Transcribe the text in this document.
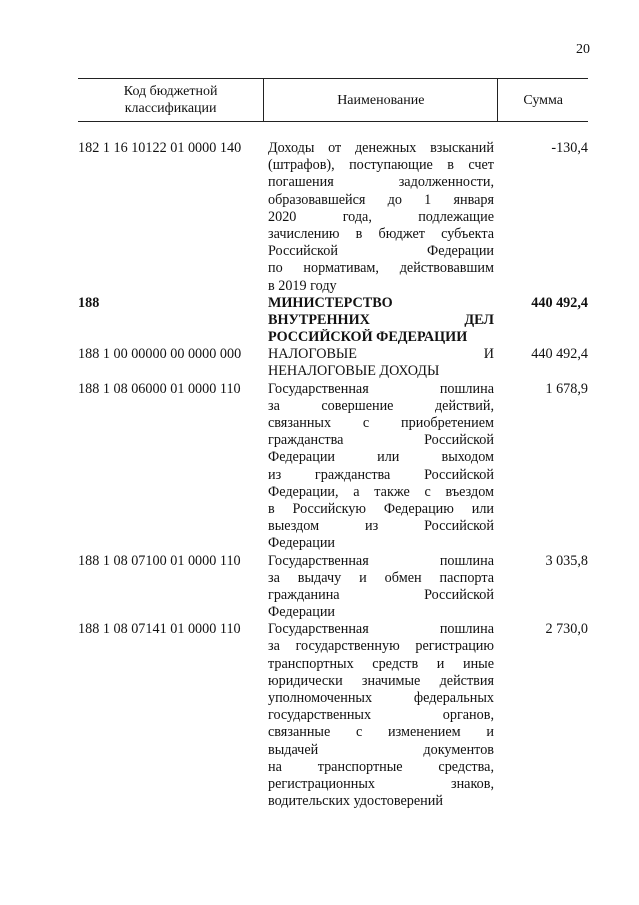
20
Код бюджетной
классификации
Наименование	Сумма
182 1 16 10122 01 0000 140	Доходы от денежных взысканий
(штрафов), поступающие в счет
погашения задолженности,
образовавшейся до 1 января
2020 года, подлежащие
зачислению в бюджет субъекта
Российской Федерации
по нормативам, действовавшим
в 2019 году
-130,4
188	МИНИСТЕРСТВО
ВНУТРЕННИХ ДЕЛ
РОССИЙСКОЙ ФЕДЕРАЦИИ
440 492,4
188 1 00 00000 00 0000 000	НАЛОГОВЫЕ И
НЕНАЛОГОВЫЕ ДОХОДЫ
440 492,4
188 1 08 06000 01 0000 110	Государственная пошлина
за совершение действий,
связанных с приобретением
гражданства Российской
Федерации или выходом
из гражданства Российской
Федерации, а также с въездом
в Российскую Федерацию или
выездом из Российской
Федерации
1 678,9
188 1 08 07100 01 0000 110	Государственная пошлина
за выдачу и обмен паспорта
гражданина Российской
Федерации
3 035,8
188 1 08 07141 01 0000 110	Государственная пошлина
за государственную регистрацию
транспортных средств и иные
юридически значимые действия
уполномоченных федеральных
государственных органов,
связанные с изменением и
выдачей документов
на транспортные средства,
регистрационных знаков,
водительских удостоверений
2 730,0
